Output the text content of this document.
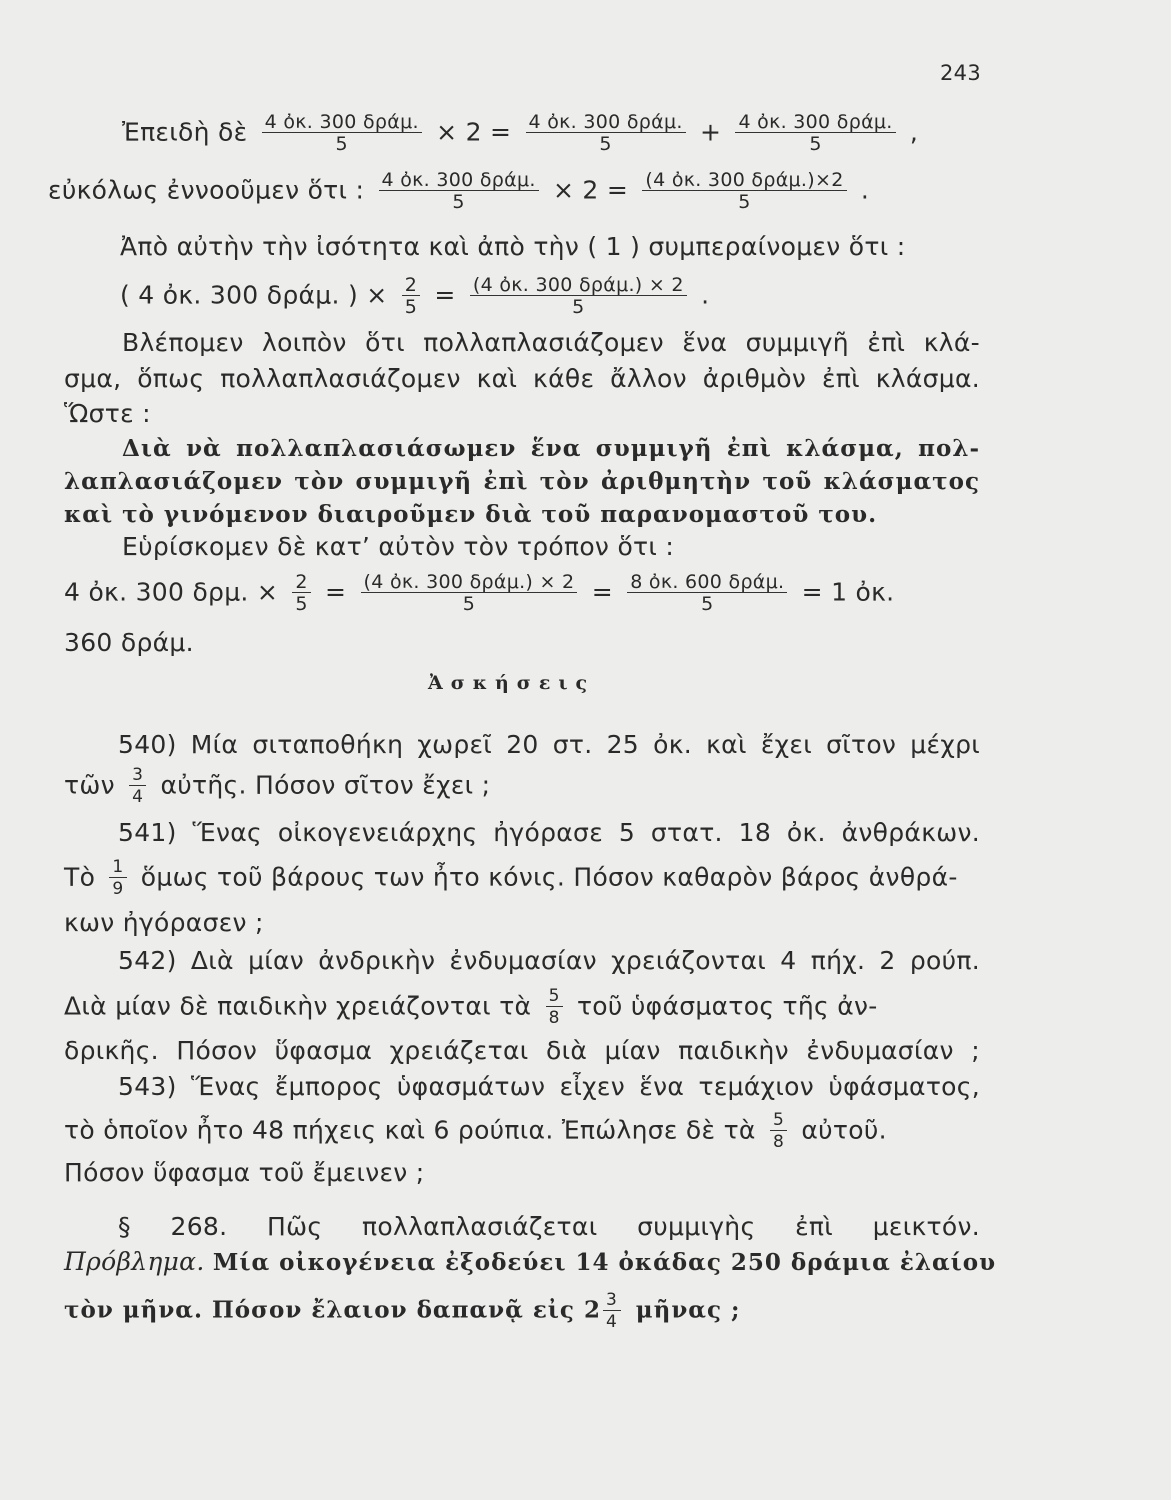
243
Ἐπειδὴ δὲ $\frac{\text{4 ὀκ. 300 δράμ.}}{5} \times 2 = \frac{\text{4 ὀκ. 300 δράμ.}}{5} + \frac{\text{4 ὀκ. 300 δράμ.}}{5}$ ,
εὐκόλως ἐννοοῦμεν ὅτι : $\frac{\text{4 ὀκ. 300 δράμ.}}{5} \times 2 = \frac{\text{(4 ὀκ. 300 δράμ.)×2}}{5}$ .
Ἀπὸ αὐτὴν τὴν ἰσότητα καὶ ἀπὸ τὴν ( 1 ) συμπεραίνομεν ὅτι :
( 4 ὀκ. 300 δράμ. ) × $\frac{2}{5} = \frac{\text{(4 ὀκ. 300 δράμ.) × 2}}{5}$ .
Βλέπομεν λοιπὸν ὅτι πολλαπλασιάζομεν ἕνα συμμιγῆ ἐπὶ κλά-
σμα, ὅπως πολλαπλασιάζομεν καὶ κάθε ἄλλον ἀριθμὸν ἐπὶ κλάσμα.
Ὥστε :
Διὰ νὰ πολλαπλασιάσωμεν ἕνα συμμιγῆ ἐπὶ κλάσμα, πολ-
λαπλασιάζομεν τὸν συμμιγῆ ἐπὶ τὸν ἀριθμητὴν τοῦ κλάσματος
καὶ τὸ γινόμενον διαιροῦμεν διὰ τοῦ παρανομαστοῦ του.
Εὑρίσκομεν δὲ κατ’ αὐτὸν τὸν τρόπον ὅτι :
4 ὀκ. 300 δρμ. × $\frac{2}{5} = \frac{\text{(4 ὀκ. 300 δράμ.) × 2}}{5} = \frac{\text{8 ὀκ. 600 δράμ.}}{5} = 1$ ὀκ.
360 δράμ.
Ἀσκήσεις
540) Μία σιταποθήκη χωρεῖ 20 στ. 25 ὀκ. καὶ ἔχει σῖτον μέχρι
τῶν $\frac{3}{4}$ αὐτῆς. Πόσον σῖτον ἔχει ;
541) Ἕνας οἰκογενειάρχης ἠγόρασε 5 στατ. 18 ὀκ. ἀνθράκων.
Τὸ $\frac{1}{9}$ ὅμως τοῦ βάρους των ἦτο κόνις. Πόσον καθαρὸν βάρος ἀνθρά-
κων ἠγόρασεν ;
542) Διὰ μίαν ἀνδρικὴν ἐνδυμασίαν χρειάζονται 4 πήχ. 2 ρούπ.
Διὰ μίαν δὲ παιδικὴν χρειάζονται τὰ $\frac{5}{8}$ τοῦ ὑφάσματος τῆς ἀν-
δρικῆς. Πόσον ὕφασμα χρειάζεται διὰ μίαν παιδικὴν ἐνδυμασίαν ;
543) Ἕνας ἔμπορος ὑφασμάτων εἶχεν ἕνα τεμάχιον ὑφάσματος,
τὸ ὁποῖον ἦτο 48 πήχεις καὶ 6 ρούπια. Ἐπώλησε δὲ τὰ $\frac{5}{8}$ αὐτοῦ.
Πόσον ὕφασμα τοῦ ἔμεινεν ;
§ 268. Πῶς πολλαπλασιάζεται συμμιγὴς ἐπὶ μεικτόν.
Πρόβλημα. Μία οἰκογένεια ἐξοδεύει 14 ὀκάδας 250 δράμια ἐλαίου
τὸν μῆνα. Πόσον ἔλαιον δαπανᾷ εἰς $2 \frac{3}{4}$ μῆνας ;
